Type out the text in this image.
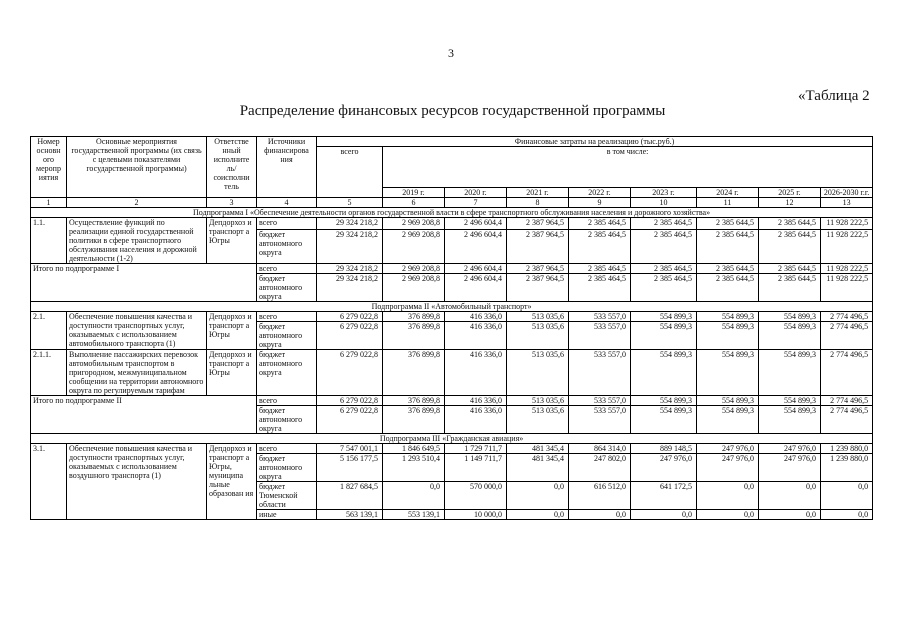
3
«Таблица 2
Распределение финансовых ресурсов государственной программы
Номер основн ого меропр иятия	Основные мероприятия государственной программы (их связь с целевыми показателями государственной программы)	Ответстве нный исполните ль/ соисполни тель	Источники финансирова ния	Финансовые затраты на реализацию (тыс.руб.)								
				всего	в том числе:							
					2019 г.	2020 г.	2021 г.	2022 г.	2023 г.	2024 г.	2025 г.	2026-2030 г.г.
1	2	3	4	5	6	7	8	9	10	11	12	13
Подпрограмма I «Обеспечение деятельности органов государственной власти в сфере транспортного обслуживания населения и дорожного хозяйства»												
1.1.	Осуществление функций по реализации единой государственной политики в сфере транспортного обслуживания населения и дорожной деятельности (1-2)	Депдорхоз и транспорт а Югры	всего	29 324 218,2	2 969 208,8	2 496 604,4	2 387 964,5	2 385 464,5	2 385 464,5	2 385 644,5	2 385 644,5	11 928 222,5
			бюджет автономного округа	29 324 218,2	2 969 208,8	2 496 604,4	2 387 964,5	2 385 464,5	2 385 464,5	2 385 644,5	2 385 644,5	11 928 222,5
Итого по подпрограмме I			всего	29 324 218,2	2 969 208,8	2 496 604,4	2 387 964,5	2 385 464,5	2 385 464,5	2 385 644,5	2 385 644,5	11 928 222,5
			бюджет автономного округа	29 324 218,2	2 969 208,8	2 496 604,4	2 387 964,5	2 385 464,5	2 385 464,5	2 385 644,5	2 385 644,5	11 928 222,5
Подпрограмма II «Автомобильный транспорт»												
2.1.	Обеспечение повышения качества и доступности транспортных услуг, оказываемых с использованием автомобильного транспорта (1)	Депдорхоз и транспорт а Югры	всего	6 279 022,8	376 899,8	416 336,0	513 035,6	533 557,0	554 899,3	554 899,3	554 899,3	2 774 496,5
			бюджет автономного округа	6 279 022,8	376 899,8	416 336,0	513 035,6	533 557,0	554 899,3	554 899,3	554 899,3	2 774 496,5
2.1.1.	Выполнение пассажирских перевозок автомобильным транспортом в пригородном, межмуниципальном сообщении на территории автономного округа по регулируемым тарифам	Депдорхоз и транспорт а Югры	бюджет автономного округа	6 279 022,8	376 899,8	416 336,0	513 035,6	533 557,0	554 899,3	554 899,3	554 899,3	2 774 496,5
Итого по подпрограмме II			всего	6 279 022,8	376 899,8	416 336,0	513 035,6	533 557,0	554 899,3	554 899,3	554 899,3	2 774 496,5
			бюджет автономного округа	6 279 022,8	376 899,8	416 336,0	513 035,6	533 557,0	554 899,3	554 899,3	554 899,3	2 774 496,5
Подпрограмма III «Гражданская авиация»												
3.1.	Обеспечение повышения качества и доступности транспортных услуг, оказываемых с использованием воздушного транспорта (1)	Депдорхоз и транспорт а Югры, муниципа льные образован ия	всего	7 547 001,1	1 846 649,5	1 729 711,7	481 345,4	864 314,0	889 148,5	247 976,0	247 976,0	1 239 880,0
			бюджет автономного округа	5 156 177,5	1 293 510,4	1 149 711,7	481 345,4	247 802,0	247 976,0	247 976,0	247 976,0	1 239 880,0
			бюджет Тюменской области	1 827 684,5	0,0	570 000,0	0,0	616 512,0	641 172,5	0,0	0,0	0,0
			иные	563 139,1	553 139,1	10 000,0	0,0	0,0	0,0	0,0	0,0	0,0
